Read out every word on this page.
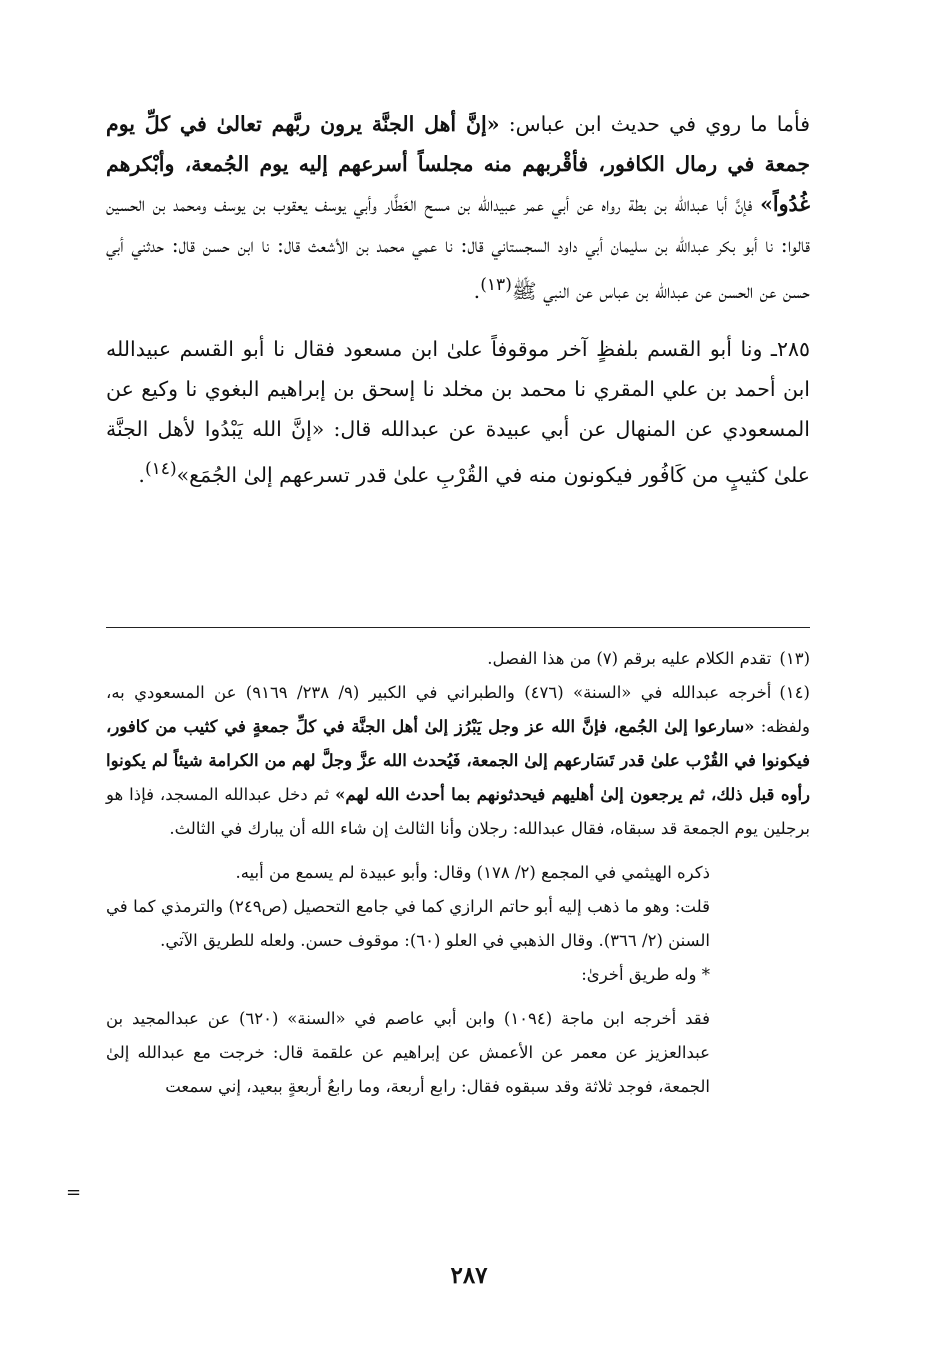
فأما ما روي في حديث ابن عباس: «إنَّ أهل الجنَّة يرون ربَّهم تعالىٰ في كلِّ يوم جمعة في رمال الكافور، فأقْربهم منه مجلساً أسرعهم إليه يوم الجُمعة، وأبْكرهم غُدُواً» فإنَّ أبا عبدالله بن بطة رواه عن أبي عمر عبيدالله بن مسح العَطَّار وأبي يوسف يعقوب بن يوسف ومحمد بن الحسين قالوا: نا أبو بكر عبدالله بن سليمان أبي داود السجستاني قال: نا عمي محمد بن الأشعث قال: نا ابن حسن قال: حدثني أبي حسن عن الحسن عن عبدالله بن عباس عن النبي ﷺ$^{(١٣)}$.

٢٨٥ـ ونا أبو القسم بلفظٍ آخر موقوفاً علىٰ ابن مسعود فقال نا أبو القسم عبيدالله ابن أحمد بن علي المقري نا محمد بن مخلد نا إسحق بن إبراهيم البغوي نا وكيع عن المسعودي عن المنهال عن أبي عبيدة عن عبدالله قال: «إنَّ الله يَبْدُوا لأهل الجنَّة علىٰ كثيبٍ من كَافُور فيكونون منه في القُرْبِ علىٰ قدر تسرعهم إلىٰ الجُمَع»$^{(١٤)}$.

(١٣)تقدم الكلام عليه برقم (٧) من هذا الفصل.

(١٤)أخرجه عبدالله في «السنة» (٤٧٦) والطبراني في الكبير (٩/ ٢٣٨/ ٩١٦٩) عن المسعودي به، ولفظه: «سارعوا إلىٰ الجُمع، فإنَّ الله عز وجل يَبْرُز إلىٰ أهل الجنَّة في كلِّ جمعةٍ في كثيب من كافور، فيكونوا في القُرْب علىٰ قدر تَسَارعهم إلىٰ الجمعة، فَيُحدث الله عزَّ وجلَّ لهم من الكرامة شيئاً لم يكونوا رأوه قبل ذلك، ثم يرجعون إلىٰ أهليهم فيحدثونهم بما أحدث الله لهم» ثم دخل عبدالله المسجد، فإذا هو برجلين يوم الجمعة قد سبقاه، فقال عبدالله: رجلان وأنا الثالث إن شاء الله أن يبارك في الثالث.

ذكره الهيثمي في المجمع (٢/ ١٧٨) وقال: وأبو عبيدة لم يسمع من أبيه.

قلت: وهو ما ذهب إليه أبو حاتم الرازي كما في جامع التحصيل (ص٢٤٩) والترمذي كما في السنن (٢/ ٣٦٦). وقال الذهبي في العلو (٦٠): موقوف حسن. ولعله للطريق الآتي.

* وله طريق أخرىٰ:

فقد أخرجه ابن ماجة (١٠٩٤) وابن أبي عاصم في «السنة» (٦٢٠) عن عبدالمجيد بن عبدالعزيز عن معمر عن الأعمش عن إبراهيم عن علقمة قال: خرجت مع عبدالله إلىٰ الجمعة، فوجد ثلاثة وقد سبقوه فقال: رابع أربعة، وما رابعُ أربعةٍ ببعيد، إني سمعت

=
٢٨٧
